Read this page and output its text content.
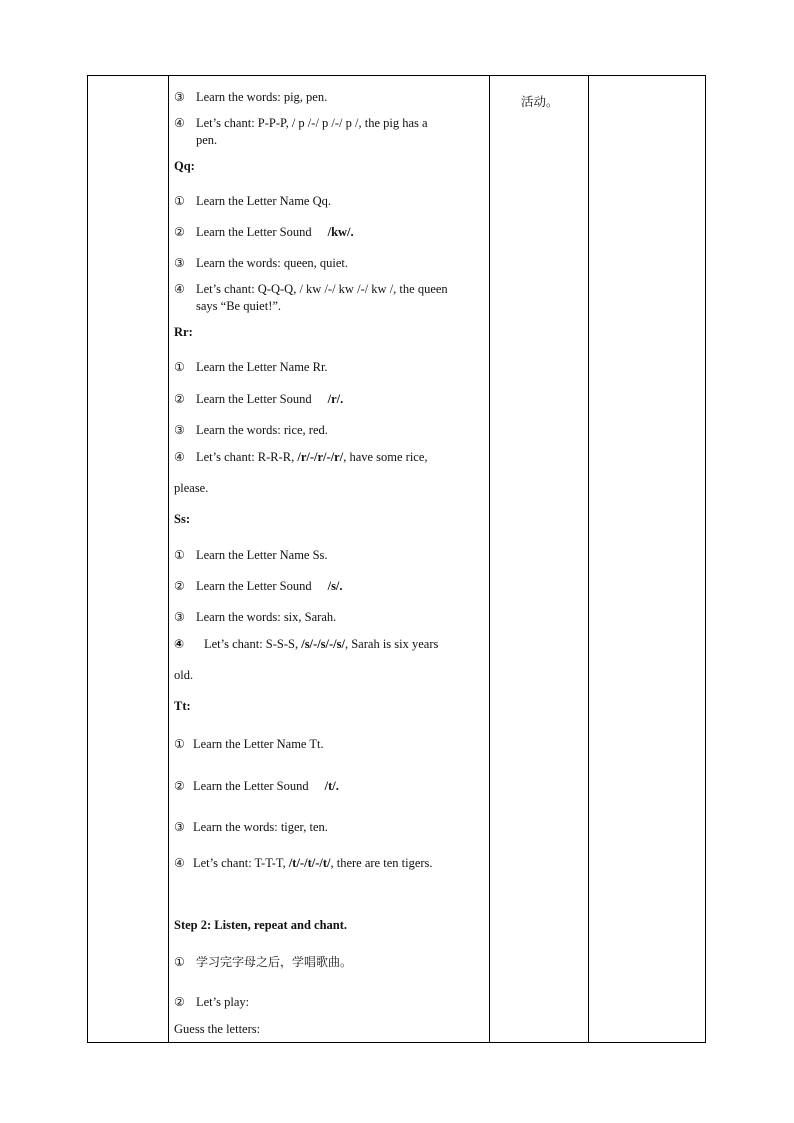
③ Learn the words: pig, pen.
④ Let’s chant: P-P-P, / p /-/ p /-/ p /, the pig has a
pen.
Qq:
① Learn the Letter Name Qq.
② Learn the Letter Sound /kw/.
③ Learn the words: queen, quiet.
④ Let’s chant: Q-Q-Q, / kw /-/ kw /-/ kw /, the queen
says “Be quiet!”.
Rr:
① Learn the Letter Name Rr.
② Learn the Letter Sound /r/.
③ Learn the words: rice, red.
④ Let’s chant: R-R-R, /r/-/r/-/r/, have some rice,
please.
Ss:
① Learn the Letter Name Ss.
② Learn the Letter Sound /s/.
③ Learn the words: six, Sarah.
④ Let’s chant: S-S-S, /s/-/s/-/s/, Sarah is six years
old.
Tt:
① Learn the Letter Name Tt.
② Learn the Letter Sound /t/.
③ Learn the words: tiger, ten.
④ Let’s chant: T-T-T, /t/-/t/-/t/, there are ten tigers.
Step 2: Listen, repeat and chant.
① 学习完字母之后，学唱歌曲。
② Let’s play:
Guess the letters:
活动。
